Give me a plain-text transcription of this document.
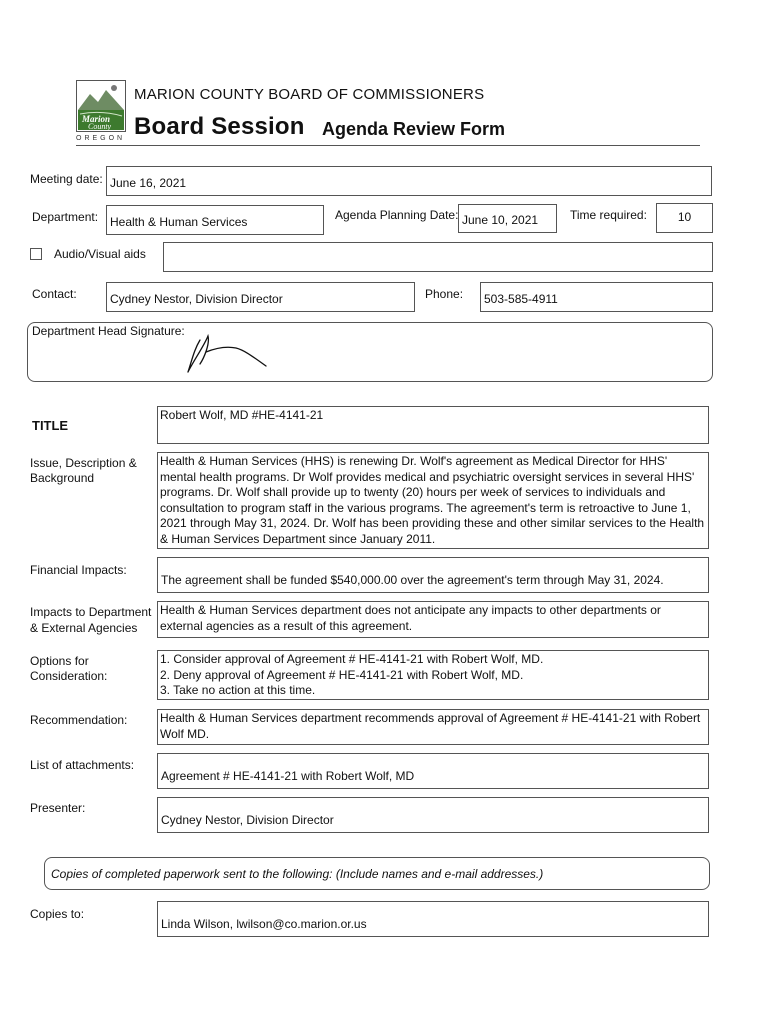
Marion
County
OREGON
MARION COUNTY BOARD OF COMMISSIONERS
Board Session Agenda Review Form
Meeting date: June 16, 2021
Department: Health & Human Services	Agenda Planning Date: June 10, 2021	Time required:	10
Audio/Visual aids
Contact:	Cydney Nestor, Division Director	Phone:	503-585-4911
Department Head Signature:
TITLE
Robert Wolf, MD #HE-4141-21
Issue, Description &
Background
Health & Human Services (HHS) is renewing Dr. Wolf's agreement as Medical Director for HHS' mental health programs. Dr Wolf provides medical and psychiatric oversight services in several HHS' programs. Dr. Wolf shall provide up to twenty (20) hours per week of services to individuals and consultation to program staff in the various programs. The agreement's term is retroactive to June 1, 2021 through May 31, 2024. Dr. Wolf has been providing these and other similar services to the Health & Human Services Department since January 2011.
Financial Impacts:
The agreement shall be funded $540,000.00 over the agreement's term through May 31, 2024.
Impacts to Department
& External Agencies
Health & Human Services department does not anticipate any impacts to other departments or external agencies as a result of this agreement.
Options for
Consideration:
1. Consider approval of Agreement # HE-4141-21 with Robert Wolf, MD.
2. Deny approval of Agreement # HE-4141-21 with Robert Wolf, MD.
3. Take no action at this time.
Recommendation:	Health & Human Services department recommends approval of Agreement # HE-4141-21 with Robert Wolf MD.
List of attachments:
Agreement # HE-4141-21 with Robert Wolf, MD
Presenter:
Cydney Nestor, Division Director
Copies of completed paperwork sent to the following: (Include names and e-mail addresses.)
Copies to:
Linda Wilson, lwilson@co.marion.or.us
